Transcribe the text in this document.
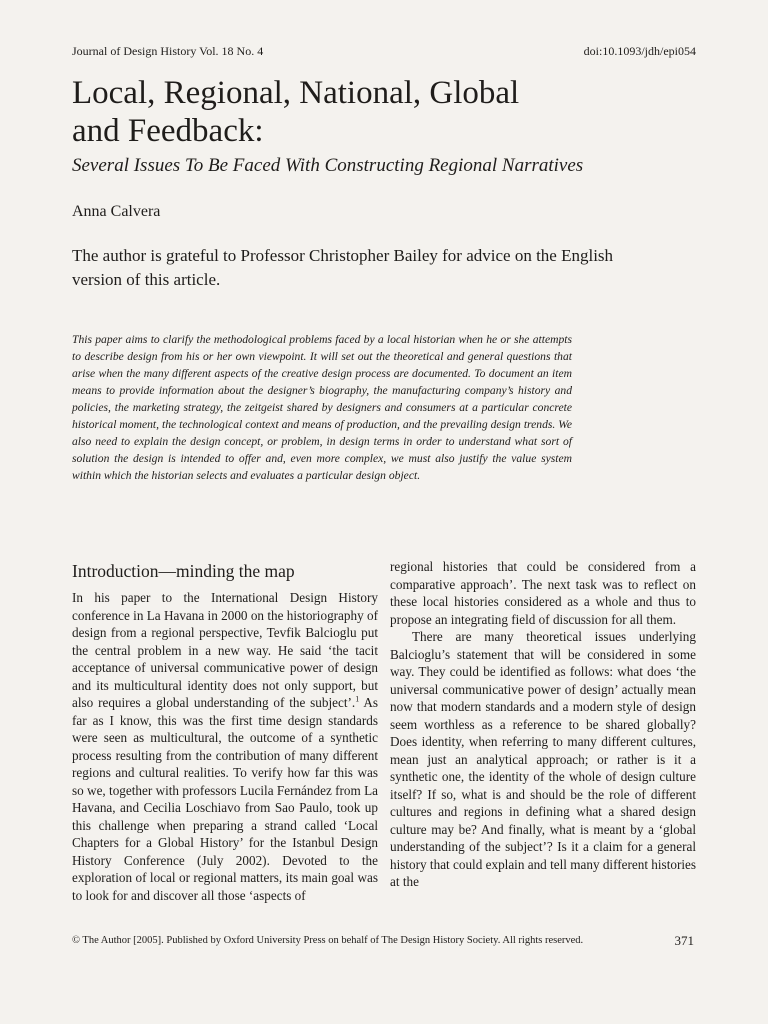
Journal of Design History Vol. 18 No. 4	doi:10.1093/jdh/epi054
Local, Regional, National, Global
and Feedback:
Several Issues To Be Faced With Constructing Regional Narratives
Anna Calvera
The author is grateful to Professor Christopher Bailey for advice on the English version of this article.
This paper aims to clarify the methodological problems faced by a local historian when he or she attempts to describe design from his or her own viewpoint. It will set out the theoretical and general questions that arise when the many different aspects of the creative design process are documented. To document an item means to provide information about the designer’s biography, the manufacturing company’s history and policies, the marketing strategy, the zeitgeist shared by designers and consumers at a particular concrete historical moment, the technological context and means of production, and the prevailing design trends. We also need to explain the design concept, or problem, in design terms in order to understand what sort of solution the design is intended to offer and, even more complex, we must also justify the value system within which the historian selects and evaluates a particular design object.
Introduction—minding the map

In his paper to the International Design History conference in La Havana in 2000 on the historiography of design from a regional perspective, Tevfik Balcioglu put the central problem in a new way. He said ‘the tacit acceptance of universal communicative power of design and its multicultural identity does not only support, but also requires a global understanding of the subject’.$^1$ As far as I know, this was the first time design standards were seen as multicultural, the outcome of a synthetic process resulting from the contribution of many different regions and cultural realities. To verify how far this was so we, together with professors Lucila Fernández from La Havana, and Cecilia Loschiavo from Sao Paulo, took up this challenge when preparing a strand called ‘Local Chapters for a Global History’ for the Istanbul Design History Conference (July 2002). Devoted to the exploration of local or regional matters, its main goal was to look for and discover all those ‘aspects of

regional histories that could be considered from a comparative approach’. The next task was to reflect on these local histories considered as a whole and thus to propose an integrating field of discussion for all them.

There are many theoretical issues underlying Balcioglu’s statement that will be considered in some way. They could be identified as follows: what does ‘the universal communicative power of design’ actually mean now that modern standards and a modern style of design seem worthless as a reference to be shared globally? Does identity, when referring to many different cultures, mean just an analytical approach; or rather is it a synthetic one, the identity of the whole of design culture itself? If so, what is and should be the role of different cultures and regions in defining what a shared design culture may be? And finally, what is meant by a ‘global understanding of the subject’? Is it a claim for a general history that could explain and tell many different histories at the

© The Author [2005]. Published by Oxford University Press on behalf of The Design History Society. All rights reserved.	371
